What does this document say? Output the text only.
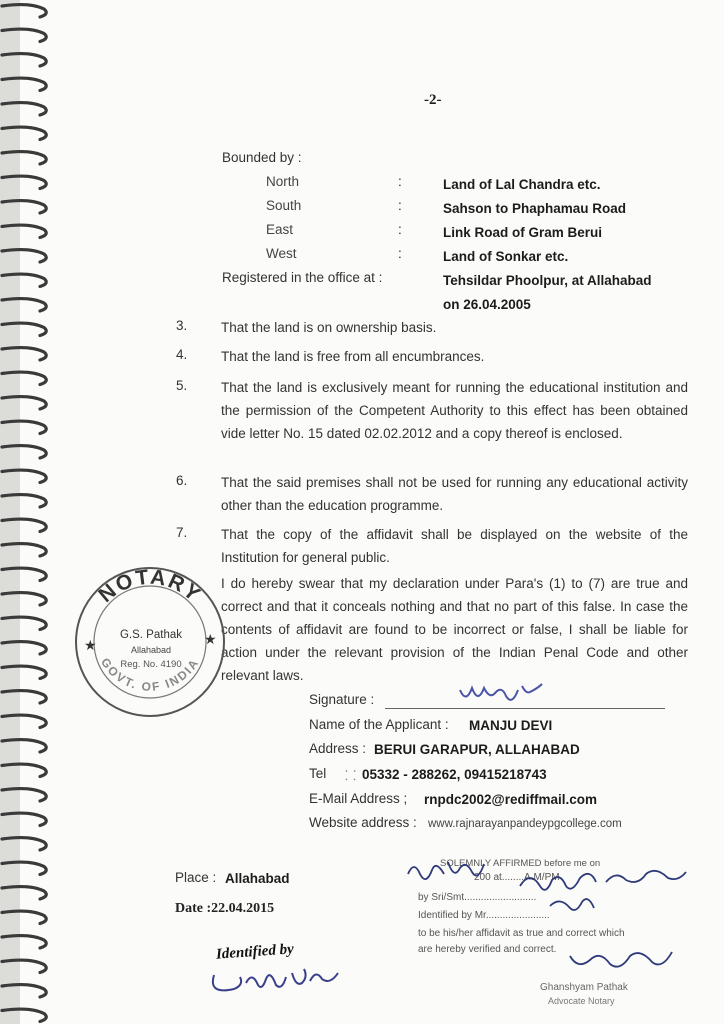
-2-
Bounded by :
North	:	Land of Lal Chandra etc.
South	:	Sahson to Phaphamau Road
East	:	Link Road of Gram Berui
West	:	Land of Sonkar etc.
Registered in the office at :	Tehsildar Phoolpur, at Allahabad
on 26.04.2005
3. That the land is on ownership basis.
4. That the land is free from all encumbrances.
5. That the land is exclusively meant for running the educational institution and the permission of the Competent Authority to this effect has been obtained vide letter No. 15 dated 02.02.2012 and a copy thereof is enclosed.
6. That the said premises shall not be used for running any educational activity other than the education programme.
7. That the copy of the affidavit shall be displayed on the website of the Institution for general public.
I do hereby swear that my declaration under Para's (1) to (7) are true and correct and that it conceals nothing and that no part of this false. In case the contents of affidavit are found to be incorrect or false, I shall be liable for action under the relevant provision of the Indian Penal Code and other relevant laws.
NOTARY
GOVT. OF INDIA
★	★
G.S. Pathak
Allahabad
Reg. No. 4190
Signature :
Name of the Applicant : MANJU DEVI
Address : BERUI GARAPUR, ALLAHABAD
Tel ⸬ 05332 - 288262, 09415218743
E-Mail Address ; rnpdc2002@rediffmail.com
Website address : www.rajnarayanpandeypgcollege.com
Place : Allahabad
Date :22.04.2015
Identified by
SOLEMNLY AFFIRMED before me on
200 at........A.M/PM
by Sri/Smt..........................
Identified by Mr.......................
to be his/her affidavit as true and correct which
are hereby verified and correct.
Ghanshyam Pathak
Advocate Notary
